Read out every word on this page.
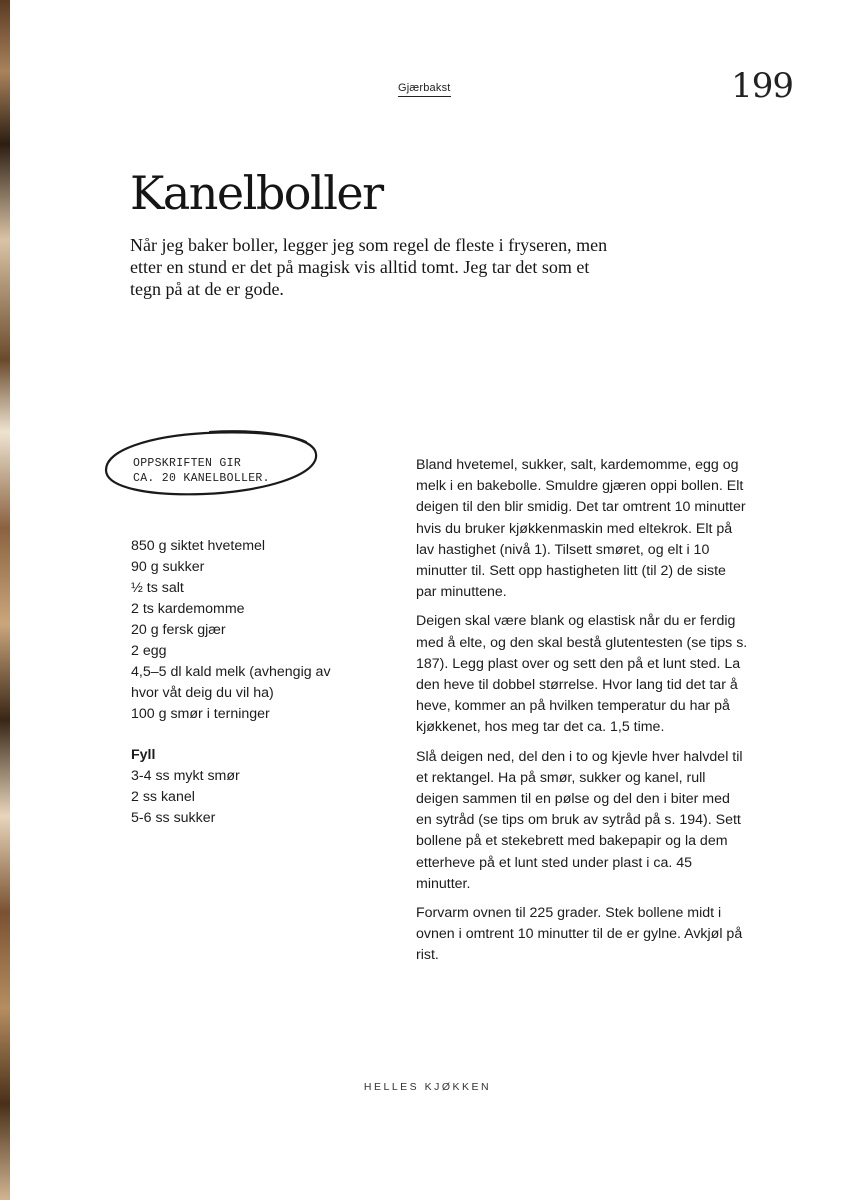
Gjærbakst	199
Kanelboller

Når jeg baker boller, legger jeg som regel de fleste i fryseren, men etter en stund er det på magisk vis alltid tomt. Jeg tar det som et tegn på at de er gode.

OPPSKRIFTEN GIR
CA. 20 KANELBOLLER.

850 g siktet hvetemel
90 g sukker
½ ts salt
2 ts kardemomme
20 g fersk gjær
2 egg
4,5–5 dl kald melk (avhengig av hvor våt deig du vil ha)
100 g smør i terninger
Fyll
3-4 ss mykt smør
2 ss kanel
5-6 ss sukker

Bland hvetemel, sukker, salt, kardemomme, egg og melk i en bakebolle. Smuldre gjæren oppi bollen. Elt deigen til den blir smidig. Det tar omtrent 10 minutter hvis du bruker kjøkkenmaskin med eltekrok. Elt på lav hastighet (nivå 1). Tilsett smøret, og elt i 10 minutter til. Sett opp hastigheten litt (til 2) de siste par minuttene.

Deigen skal være blank og elastisk når du er ferdig med å elte, og den skal bestå glutentesten (se tips s. 187). Legg plast over og sett den på et lunt sted. La den heve til dobbel størrelse. Hvor lang tid det tar å heve, kommer an på hvilken temperatur du har på kjøkkenet, hos meg tar det ca. 1,5 time.

Slå deigen ned, del den i to og kjevle hver halvdel til et rektangel. Ha på smør, sukker og kanel, rull deigen sammen til en pølse og del den i biter med en sytråd (se tips om bruk av sytråd på s. 194). Sett bollene på et stekebrett med bakepapir og la dem etterheve på et lunt sted under plast i ca. 45 minutter.

Forvarm ovnen til 225 grader. Stek bollene midt i ovnen i omtrent 10 minutter til de er gylne. Avkjøl på rist.

HELLES KJØKKEN
